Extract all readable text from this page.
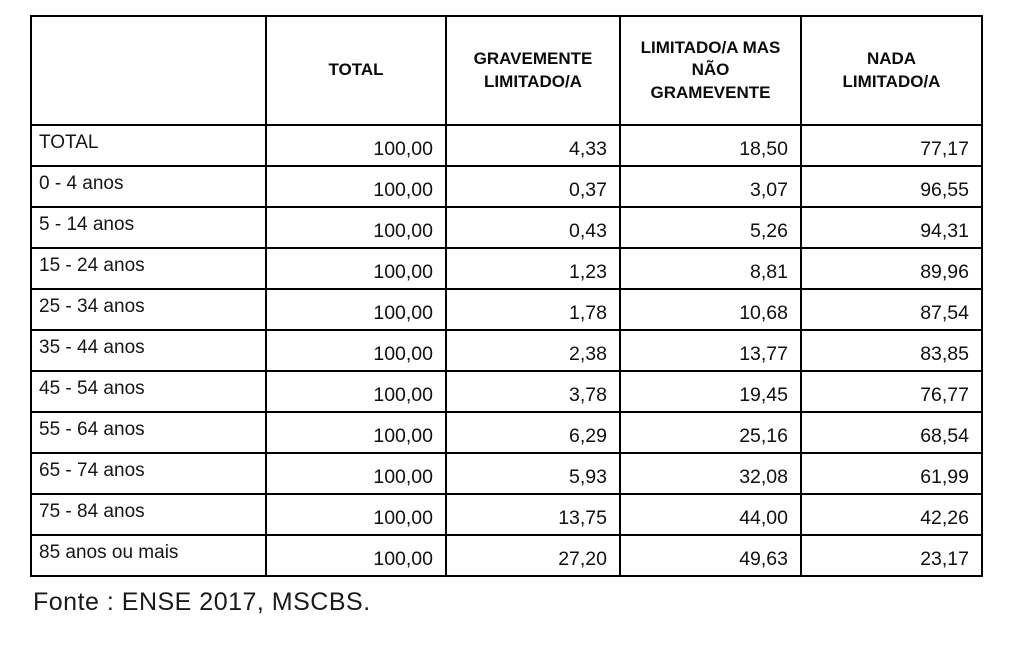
	TOTAL	GRAVEMENTE LIMITADO/A	LIMITADO/A MAS NÃO GRAMEVENTE	NADA LIMITADO/A
TOTAL	100,00	4,33	18,50	77,17
0 - 4 anos	100,00	0,37	3,07	96,55
5 - 14 anos	100,00	0,43	5,26	94,31
15 - 24 anos	100,00	1,23	8,81	89,96
25 - 34 anos	100,00	1,78	10,68	87,54
35 - 44 anos	100,00	2,38	13,77	83,85
45 - 54 anos	100,00	3,78	19,45	76,77
55 - 64 anos	100,00	6,29	25,16	68,54
65 - 74 anos	100,00	5,93	32,08	61,99
75 - 84 anos	100,00	13,75	44,00	42,26
85 anos ou mais	100,00	27,20	49,63	23,17
Fonte : ENSE 2017, MSCBS.
